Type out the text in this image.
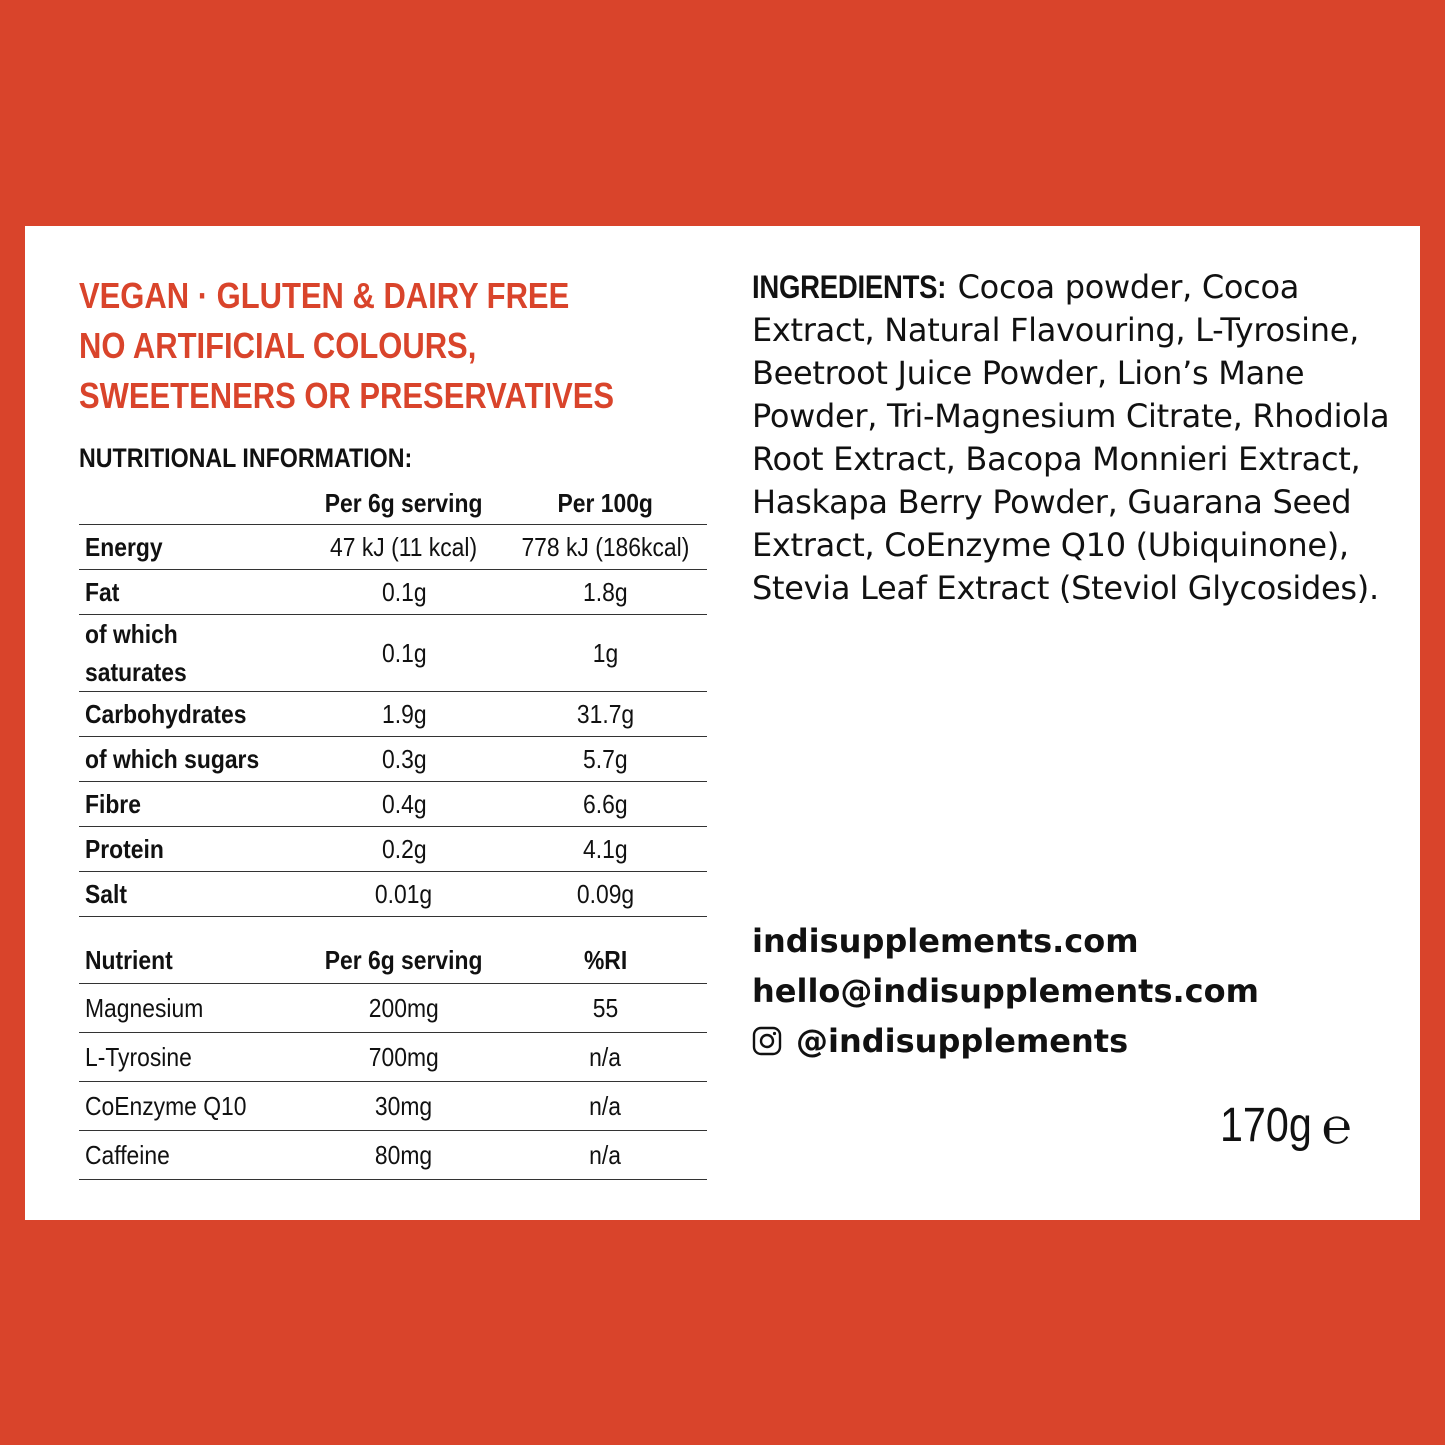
VEGAN · GLUTEN & DAIRY FREE
NO ARTIFICIAL COLOURS,
SWEETENERS OR PRESERVATIVES
NUTRITIONAL INFORMATION:
	Per 6g serving	Per 100g
Energy	47 kJ (11 kcal)	778 kJ (186kcal)
Fat	0.1g	1.8g
of which
saturates	0.1g	1g
Carbohydrates	1.9g	31.7g
of which sugars	0.3g	5.7g
Fibre	0.4g	6.6g
Protein	0.2g	4.1g
Salt	0.01g	0.09g
Nutrient	Per 6g serving	%RI
Magnesium	200mg	55
L-Tyrosine	700mg	n/a
CoEnzyme Q10	30mg	n/a
Caffeine	80mg	n/a

INGREDIENTS: Cocoa powder, Cocoa Extract, Natural Flavouring, L-Tyrosine, Beetroot Juice Powder, Lion’s Mane Powder, Tri-Magnesium Citrate, Rhodiola Root Extract, Bacopa Monnieri Extract, Haskapa Berry Powder, Guarana Seed Extract, CoEnzyme Q10 (Ubiquinone), Stevia Leaf Extract (Steviol Glycosides).

indisupplements.com
hello@indisupplements.com
@indisupplements
170g ℮
